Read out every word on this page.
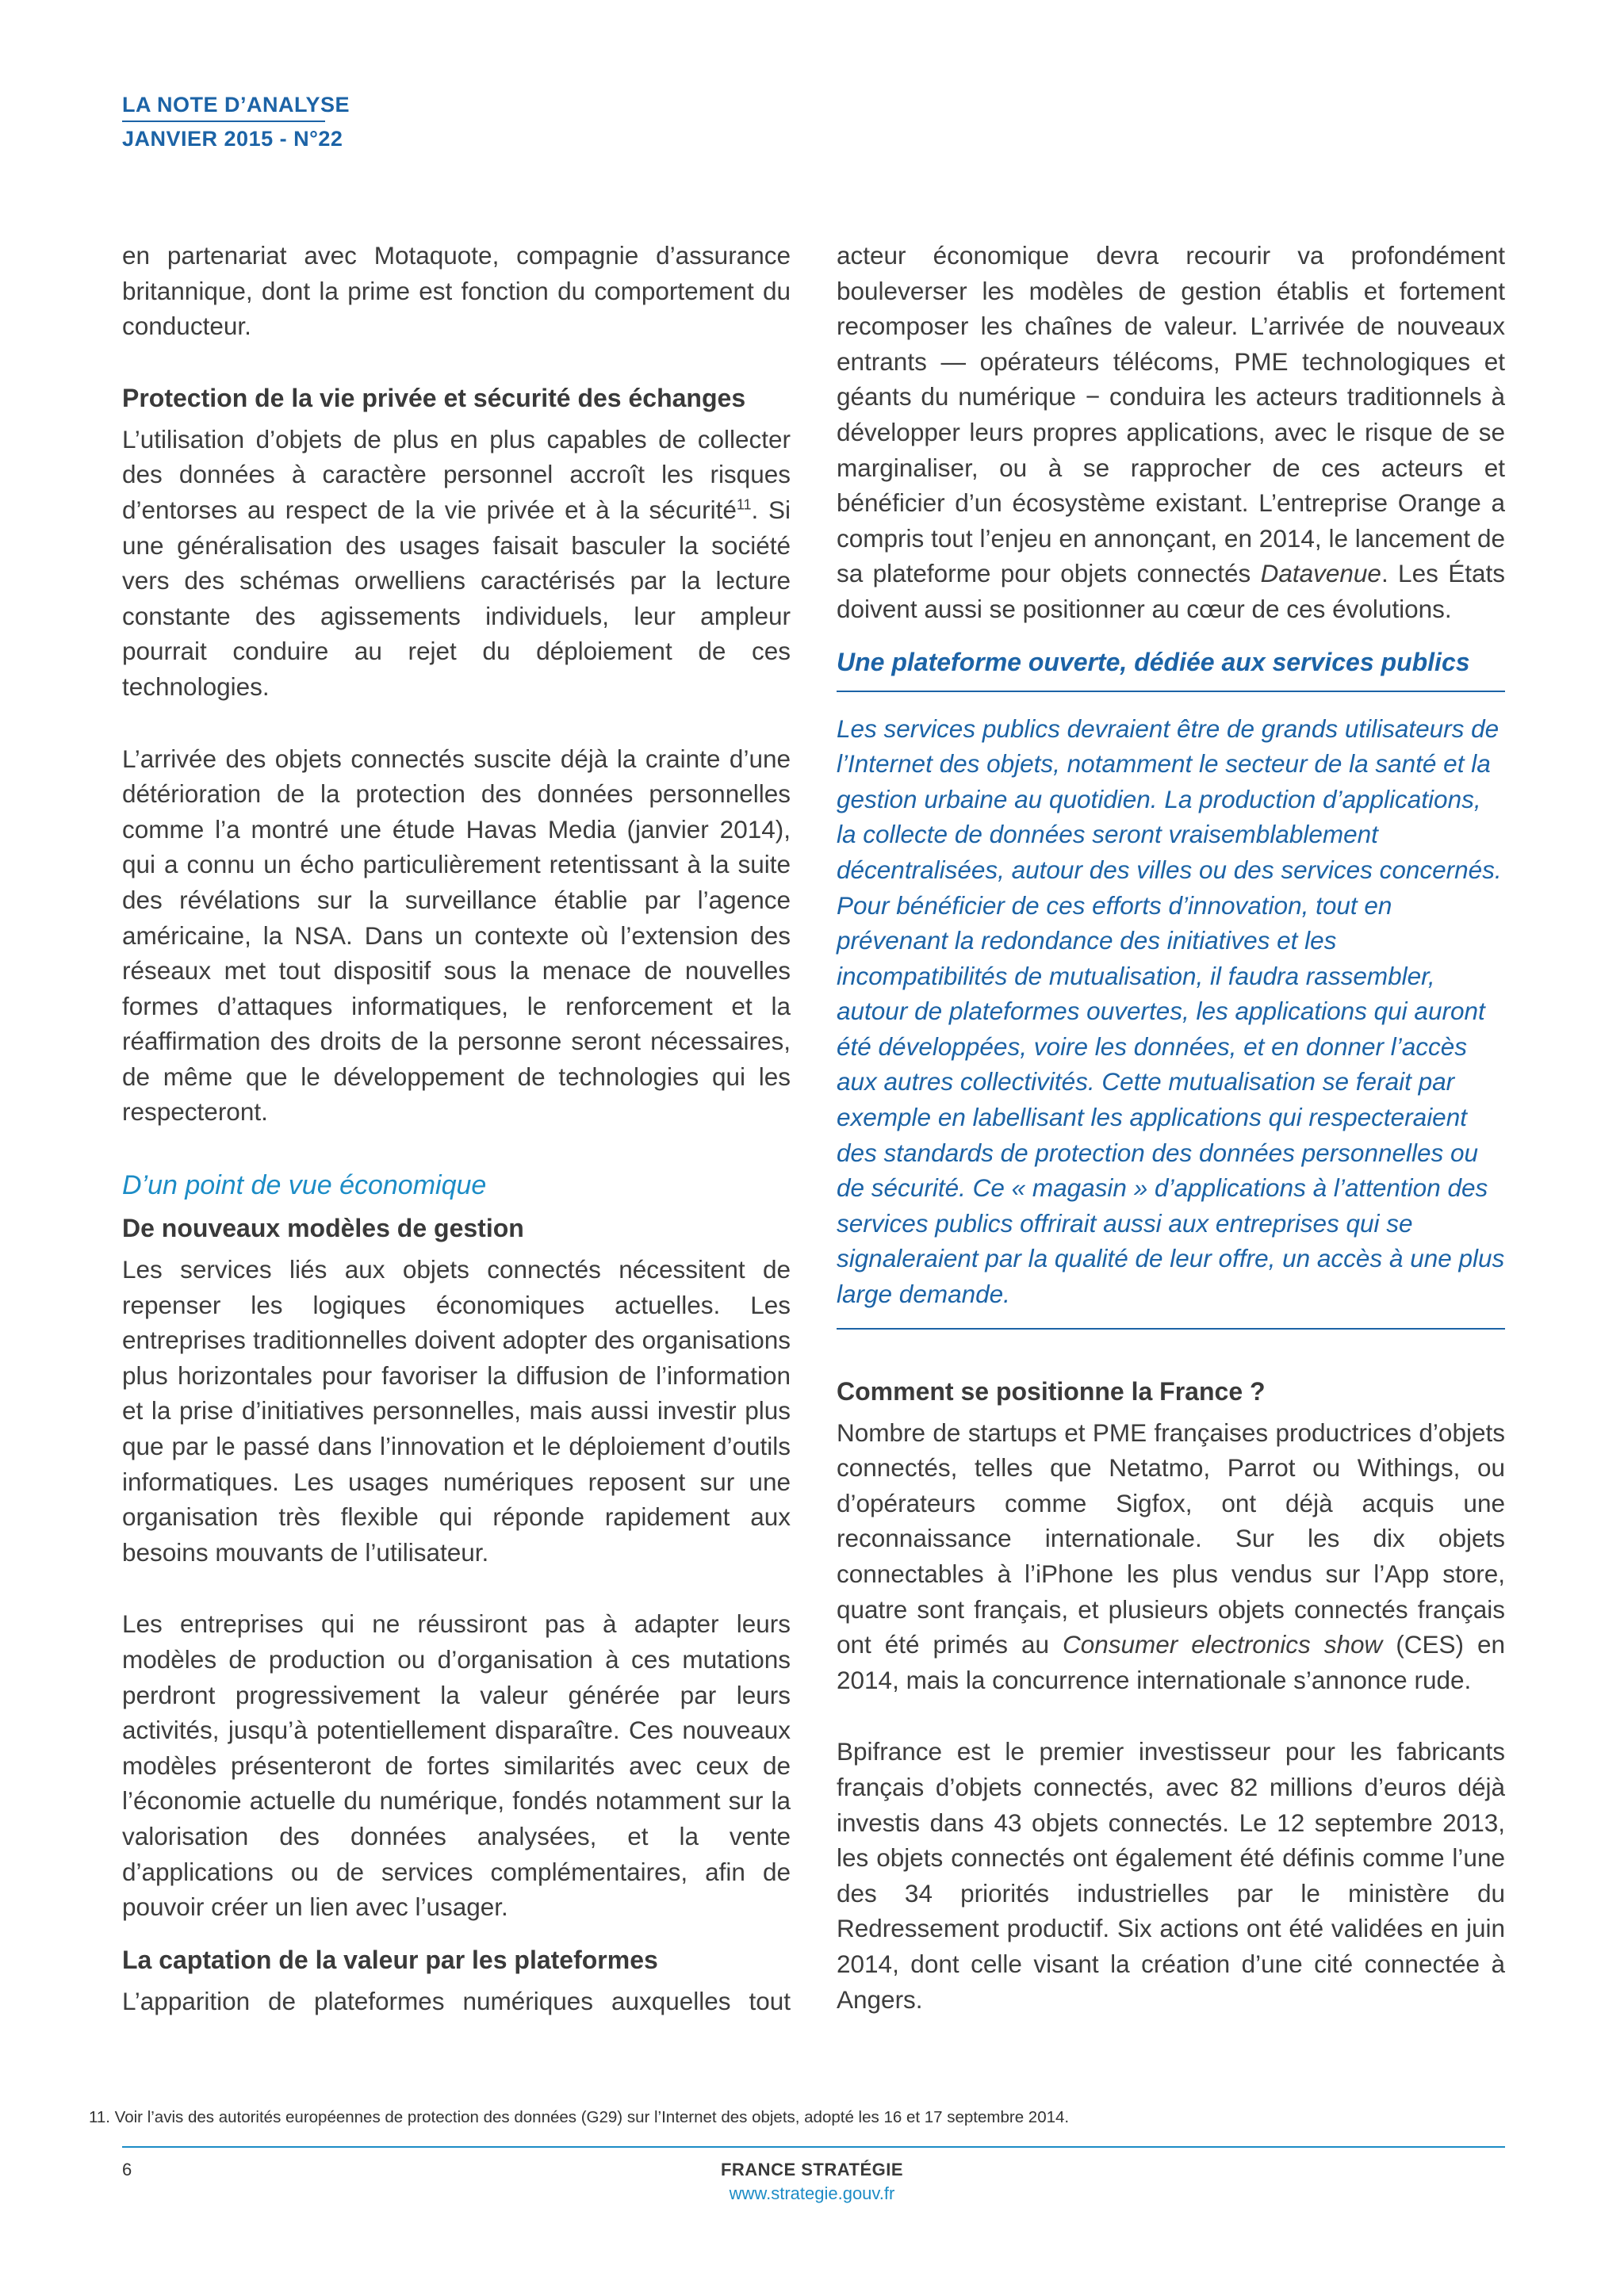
LA NOTE D’ANALYSE
JANVIER 2015 - N°22

en partenariat avec Motaquote, compagnie d’assurance britannique, dont la prime est fonction du comportement du conducteur.

Protection de la vie privée et sécurité des échanges

L’utilisation d’objets de plus en plus capables de collecter des données à caractère personnel accroît les risques d’entorses au respect de la vie privée et à la sécurité$^{11}$. Si une généralisation des usages faisait basculer la société vers des schémas orwelliens caractérisés par la lecture constante des agissements individuels, leur ampleur pourrait conduire au rejet du déploiement de ces technologies.

L’arrivée des objets connectés suscite déjà la crainte d’une détérioration de la protection des données personnelles comme l’a montré une étude Havas Media (janvier 2014), qui a connu un écho particulièrement retentissant à la suite des révélations sur la surveillance établie par l’agence américaine, la NSA. Dans un contexte où l’extension des réseaux met tout dispositif sous la menace de nouvelles formes d’attaques informatiques, le renforcement et la réaffirmation des droits de la personne seront nécessaires, de même que le développement de technologies qui les respecteront.

D’un point de vue économique
De nouveaux modèles de gestion

Les services liés aux objets connectés nécessitent de repenser les logiques économiques actuelles. Les entreprises traditionnelles doivent adopter des organisations plus horizontales pour favoriser la diffusion de l’information et la prise d’initiatives personnelles, mais aussi investir plus que par le passé dans l’innovation et le déploiement d’outils informatiques. Les usages numériques reposent sur une organisation très flexible qui réponde rapidement aux besoins mouvants de l’utilisateur.

Les entreprises qui ne réussiront pas à adapter leurs modèles de production ou d’organisation à ces mutations perdront progressivement la valeur générée par leurs activités, jusqu’à potentiellement disparaître. Ces nouveaux modèles présenteront de fortes similarités avec ceux de l’économie actuelle du numérique, fondés notamment sur la valorisation des données analysées, et la vente d’applications ou de services complémentaires, afin de pouvoir créer un lien avec l’usager.

La captation de la valeur par les plateformes

L’apparition de plateformes numériques auxquelles tout

acteur économique devra recourir va profondément bouleverser les modèles de gestion établis et fortement recomposer les chaînes de valeur. L’arrivée de nouveaux entrants — opérateurs télécoms, PME technologiques et géants du numérique − conduira les acteurs traditionnels à développer leurs propres applications, avec le risque de se marginaliser, ou à se rapprocher de ces acteurs et bénéficier d’un écosystème existant. L’entreprise Orange a compris tout l’enjeu en annonçant, en 2014, le lancement de sa plateforme pour objets connectés Datavenue. Les États doivent aussi se positionner au cœur de ces évolutions.

Une plateforme ouverte, dédiée aux services publics

Les services publics devraient être de grands utilisateurs de l’Internet des objets, notamment le secteur de la santé et la gestion urbaine au quotidien. La production d’applications, la collecte de données seront vraisemblablement décentralisées, autour des villes ou des services concernés. Pour bénéficier de ces efforts d’innovation, tout en prévenant la redondance des initiatives et les incompatibilités de mutualisation, il faudra rassembler, autour de plateformes ouvertes, les applications qui auront été développées, voire les données, et en donner l’accès aux autres collectivités. Cette mutualisation se ferait par exemple en labellisant les applications qui respecteraient des standards de protection des données personnelles ou de sécurité. Ce « magasin » d’applications à l’attention des services publics offrirait aussi aux entreprises qui se signaleraient par la qualité de leur offre, un accès à une plus large demande.

Comment se positionne la France ?

Nombre de startups et PME françaises productrices d’objets connectés, telles que Netatmo, Parrot ou Withings, ou d’opérateurs comme Sigfox, ont déjà acquis une reconnaissance internationale. Sur les dix objets connectables à l’iPhone les plus vendus sur l’App store, quatre sont français, et plusieurs objets connectés français ont été primés au Consumer electronics show (CES) en 2014, mais la concurrence internationale s’annonce rude.

Bpifrance est le premier investisseur pour les fabricants français d’objets connectés, avec 82 millions d’euros déjà investis dans 43 objets connectés. Le 12 septembre 2013, les objets connectés ont également été définis comme l’une des 34 priorités industrielles par le ministère du Redressement productif. Six actions ont été validées en juin 2014, dont celle visant la création d’une cité connectée à Angers.

11. Voir l’avis des autorités européennes de protection des données (G29) sur l’Internet des objets, adopté les 16 et 17 septembre 2014.
6	FRANCE STRATÉGIE
www.strategie.gouv.fr
